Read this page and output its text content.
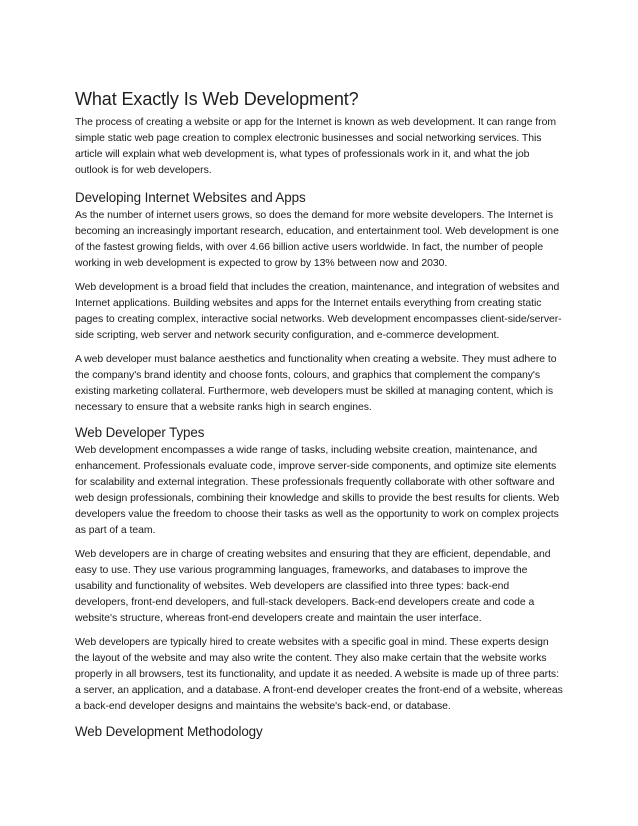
What Exactly Is Web Development?

The process of creating a website or app for the Internet is known as web development. It can range from simple static web page creation to complex electronic businesses and social networking services. This article will explain what web development is, what types of professionals work in it, and what the job outlook is for web developers.

Developing Internet Websites and Apps

As the number of internet users grows, so does the demand for more website developers. The Internet is becoming an increasingly important research, education, and entertainment tool. Web development is one of the fastest growing fields, with over 4.66 billion active users worldwide. In fact, the number of people working in web development is expected to grow by 13% between now and 2030.

Web development is a broad field that includes the creation, maintenance, and integration of websites and Internet applications. Building websites and apps for the Internet entails everything from creating static pages to creating complex, interactive social networks. Web development encompasses client-side/server-side scripting, web server and network security configuration, and e-commerce development.

A web developer must balance aesthetics and functionality when creating a website. They must adhere to the company's brand identity and choose fonts, colours, and graphics that complement the company's existing marketing collateral. Furthermore, web developers must be skilled at managing content, which is necessary to ensure that a website ranks high in search engines.

Web Developer Types

Web development encompasses a wide range of tasks, including website creation, maintenance, and enhancement. Professionals evaluate code, improve server-side components, and optimize site elements for scalability and external integration. These professionals frequently collaborate with other software and web design professionals, combining their knowledge and skills to provide the best results for clients. Web developers value the freedom to choose their tasks as well as the opportunity to work on complex projects as part of a team.

Web developers are in charge of creating websites and ensuring that they are efficient, dependable, and easy to use. They use various programming languages, frameworks, and databases to improve the usability and functionality of websites. Web developers are classified into three types: back-end developers, front-end developers, and full-stack developers. Back-end developers create and code a website's structure, whereas front-end developers create and maintain the user interface.

Web developers are typically hired to create websites with a specific goal in mind. These experts design the layout of the website and may also write the content. They also make certain that the website works properly in all browsers, test its functionality, and update it as needed. A website is made up of three parts: a server, an application, and a database. A front-end developer creates the front-end of a website, whereas a back-end developer designs and maintains the website's back-end, or database.

Web Development Methodology
